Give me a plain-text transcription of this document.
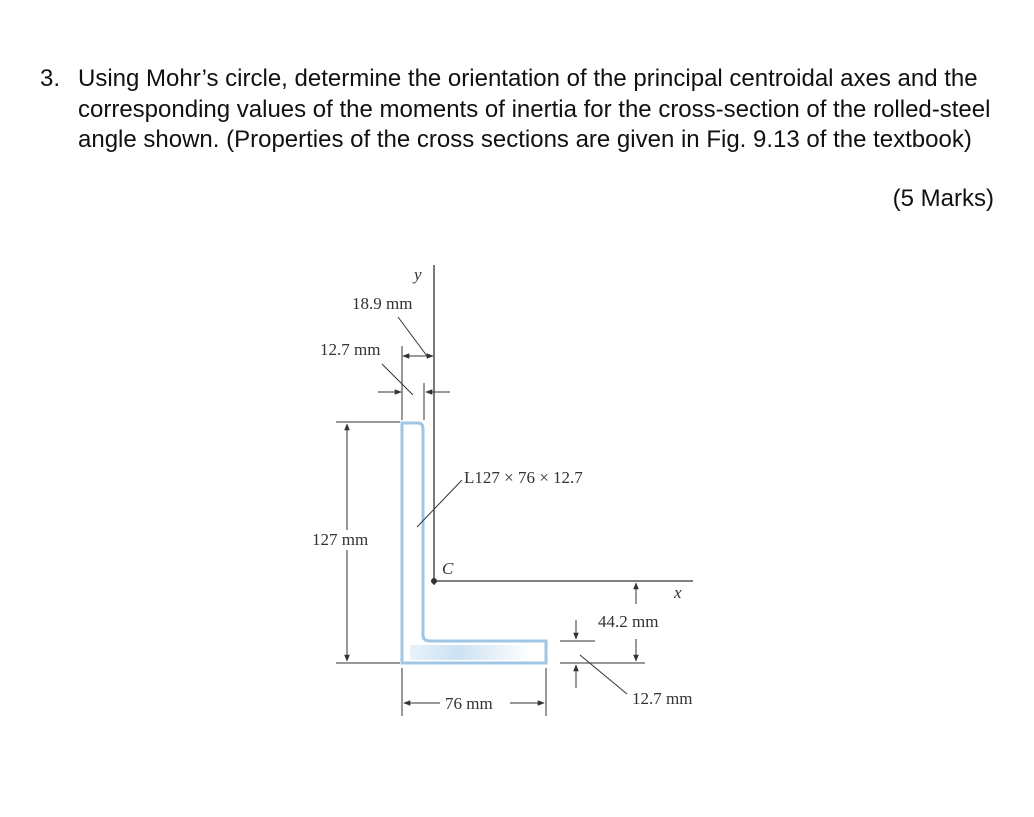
3. Using Mohr’s circle, determine the orientation of the principal centroidal axes and the corresponding values of the moments of inertia for the cross-section of the rolled-steel angle shown. (Properties of the cross sections are given in Fig. 9.13 of the textbook)
(5 Marks)
y
x
C
18.9 mm
12.7 mm
127 mm
L127 × 76 × 12.7
44.2 mm
12.7 mm
76 mm
